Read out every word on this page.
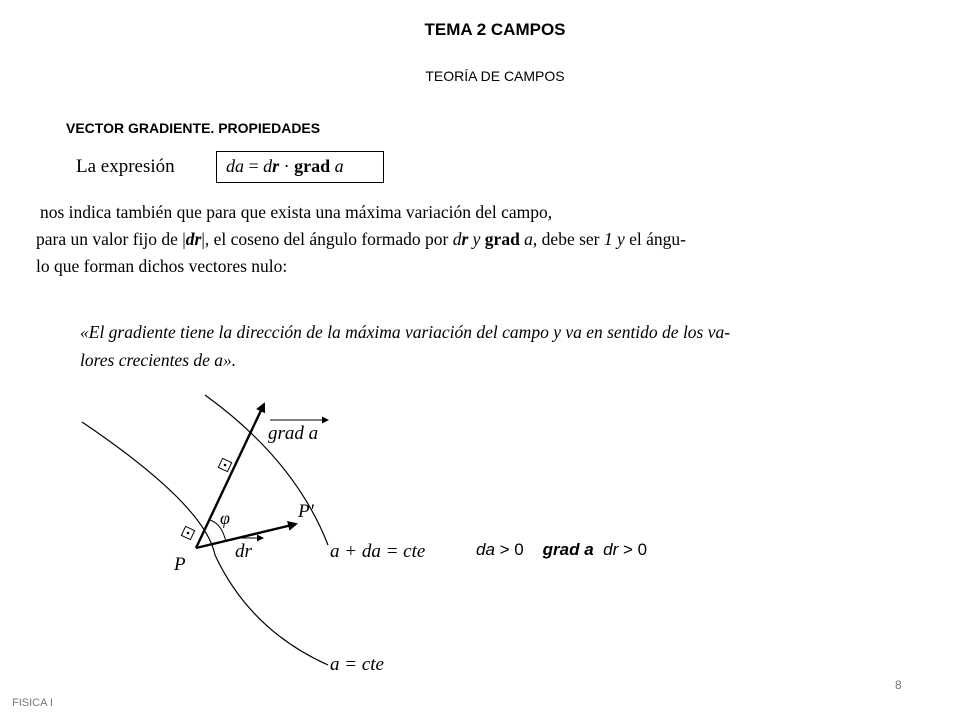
TEMA 2 CAMPOS
TEORÍA DE CAMPOS
VECTOR GRADIENTE. PROPIEDADES
La expresión	da = dr · grad a
nos indica también que para que exista una máxima variación del campo,
para un valor fijo de |dr|, el coseno del ángulo formado por dr y grad a, debe ser 1 y el ángu-
lo que forman dichos vectores nulo:
«El gradiente tiene la dirección de la máxima variación del campo y va en sentido de los va-
lores crecientes de a».
grad a
φ	P'
dr
P
a + da = cte
a = cte
da > 0 grad a dr > 0
8
FISICA I
